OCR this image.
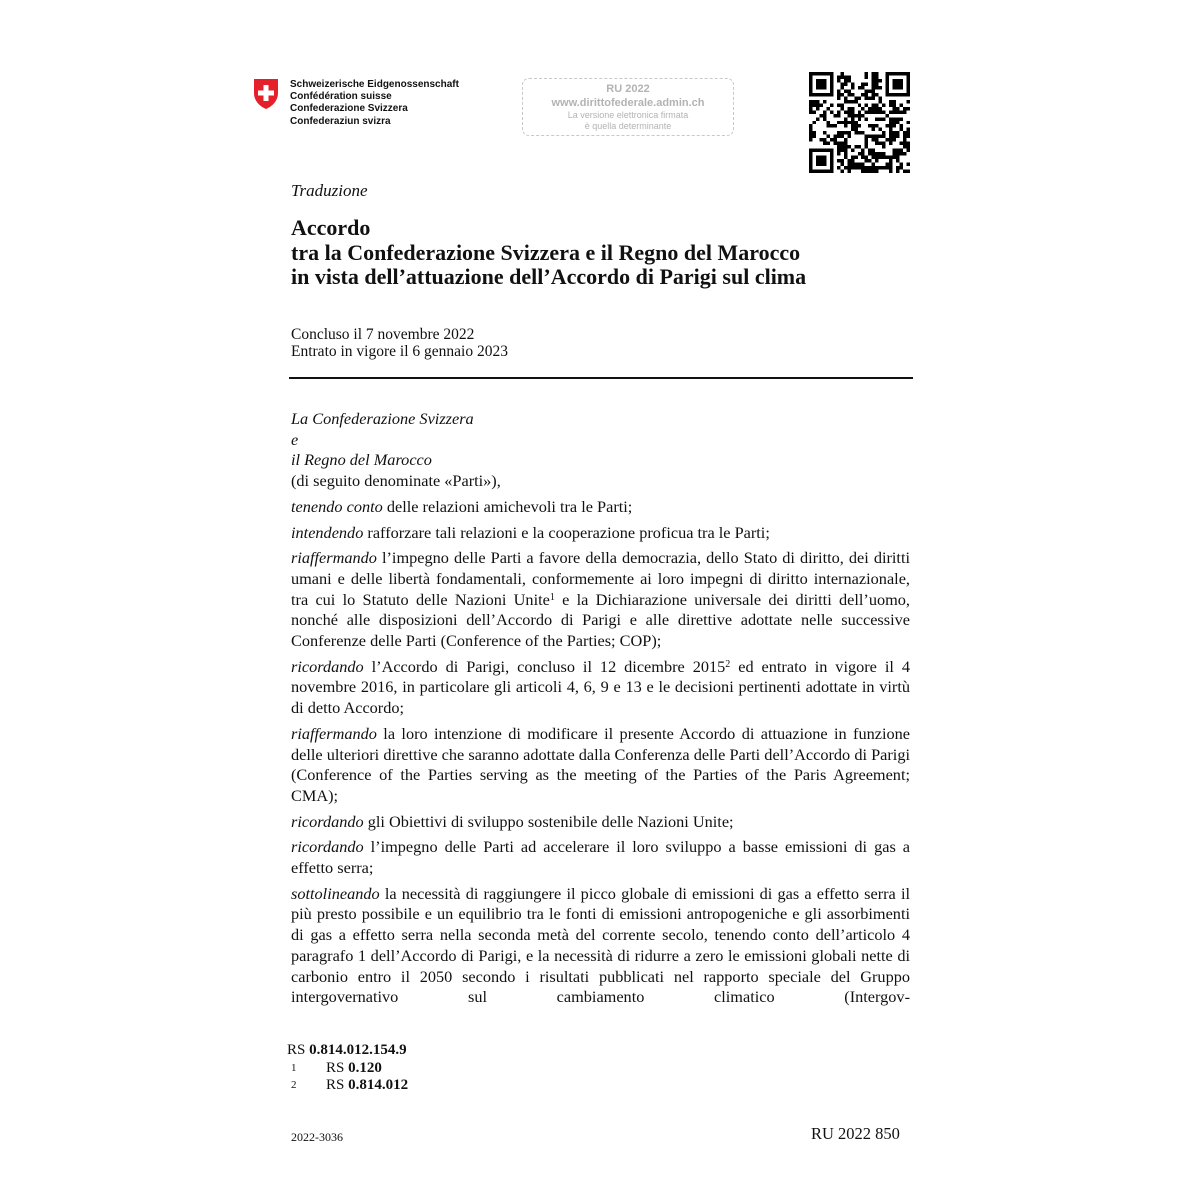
Schweizerische Eidgenossenschaft
Confédération suisse
Confederazione Svizzera
Confederaziun svizra
RU 2022
www.dirittofederale.admin.ch
La versione elettronica firmata
è quella determinante
Traduzione
Accordo
tra la Confederazione Svizzera e il Regno del Marocco
in vista dell’attuazione dell’Accordo di Parigi sul clima
Concluso il 7 novembre 2022
Entrato in vigore il 6 gennaio 2023
La Confederazione Svizzera
e
il Regno del Marocco
(di seguito denominate «Parti»),

tenendo conto delle relazioni amichevoli tra le Parti;

intendendo rafforzare tali relazioni e la cooperazione proficua tra le Parti;

riaffermando l’impegno delle Parti a favore della democrazia, dello Stato di diritto, dei diritti umani e delle libertà fondamentali, conformemente ai loro impegni di diritto internazionale, tra cui lo Statuto delle Nazioni Unite$^1$ e la Dichiarazione universale dei diritti dell’uomo, nonché alle disposizioni dell’Accordo di Parigi e alle direttive adottate nelle successive Conferenze delle Parti (Conference of the Parties; COP);

ricordando l’Accordo di Parigi, concluso il 12 dicembre 2015$^2$ ed entrato in vigore il 4 novembre 2016, in particolare gli articoli 4, 6, 9 e 13 e le decisioni pertinenti adottate in virtù di detto Accordo;

riaffermando la loro intenzione di modificare il presente Accordo di attuazione in funzione delle ulteriori direttive che saranno adottate dalla Conferenza delle Parti dell’Accordo di Parigi (Conference of the Parties serving as the meeting of the Parties of the Paris Agreement; CMA);

ricordando gli Obiettivi di sviluppo sostenibile delle Nazioni Unite;

ricordando l’impegno delle Parti ad accelerare il loro sviluppo a basse emissioni di gas a effetto serra;

sottolineando la necessità di raggiungere il picco globale di emissioni di gas a effetto serra il più presto possibile e un equilibrio tra le fonti di emissioni antropogeniche e gli assorbimenti di gas a effetto serra nella seconda metà del corrente secolo, tenendo conto dell’articolo 4 paragrafo 1 dell’Accordo di Parigi, e la necessità di ridurre a zero le emissioni globali nette di carbonio entro il 2050 secondo i risultati pubblicati nel rapporto speciale del Gruppo intergovernativo sul cambiamento climatico (Intergov-

RS 0.814.012.154.9
1	RS 0.120
2	RS 0.814.012
2022-3036	RU 2022 850
